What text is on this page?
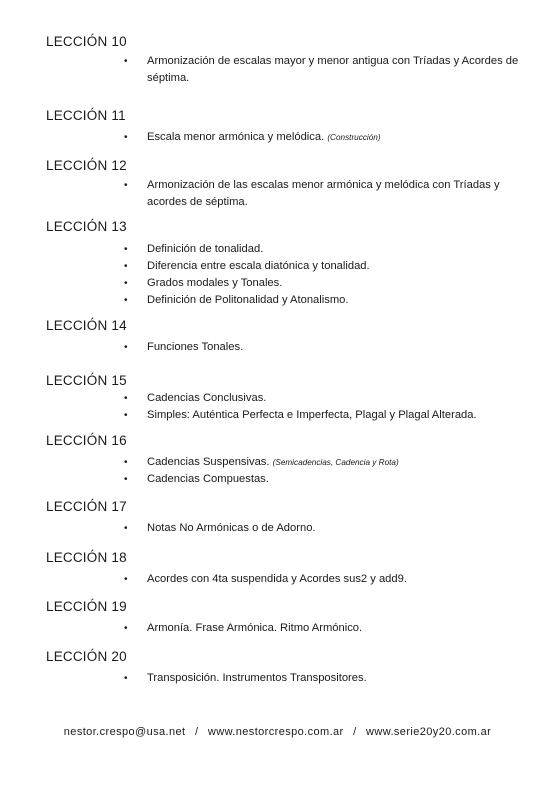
LECCIÓN 10
• Armonización de escalas mayor y menor antigua con Tríadas y Acordes de séptima.
LECCIÓN 11
• Escala menor armónica y melódica. (Construcción)
LECCIÓN 12
• Armonización de las escalas menor armónica y melódica con Tríadas y acordes de séptima.
LECCIÓN 13
• Definición de tonalidad.
• Diferencia entre escala diatónica y tonalidad.
• Grados modales y Tonales.
• Definición de Politonalidad y Atonalismo.
LECCIÓN 14
• Funciones Tonales.
LECCIÓN 15
• Cadencias Conclusivas.
• Simples: Auténtica Perfecta e Imperfecta, Plagal y Plagal Alterada.
LECCIÓN 16
• Cadencias Suspensivas. (Semicadencias, Cadencia y Rota)
• Cadencias Compuestas.
LECCIÓN 17
• Notas No Armónicas o de Adorno.
LECCIÓN 18
• Acordes con 4ta suspendida y Acordes sus2 y add9.
LECCIÓN 19
• Armonía. Frase Armónica. Ritmo Armónico.
LECCIÓN 20
• Transposición. Instrumentos Transpositores.
nestor.crespo@usa.net / www.nestorcrespo.com.ar / www.serie20y20.com.ar
